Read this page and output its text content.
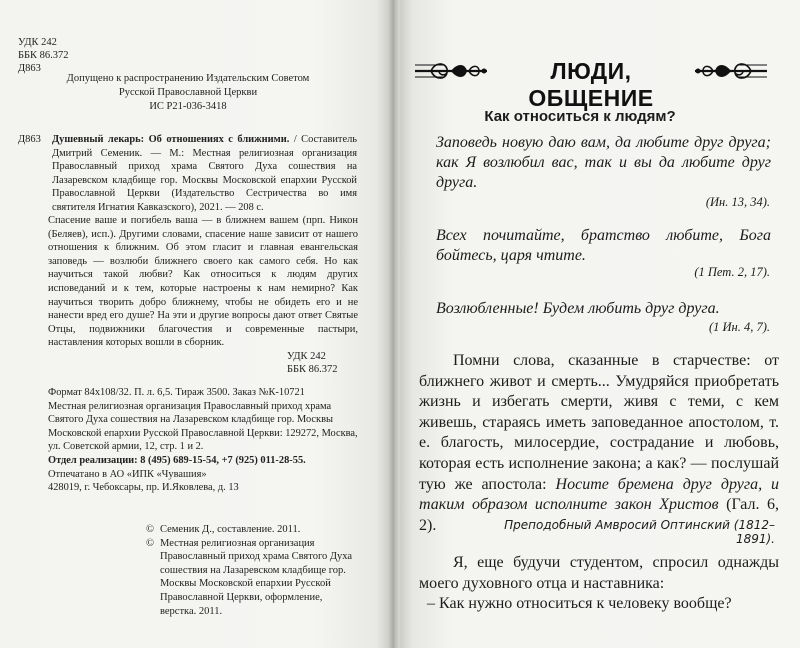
УДК 242
ББК 86.372
Д863
Допущено к распространению Издательским Советом
Русской Православной Церкви
ИС Р21-036-3418
Д863 Душевный лекарь: Об отношениях с ближними. / Составитель Дмитрий Семеник. — М.: Местная религиозная организация Православный приход храма Святого Духа сошествия на Лазаревском кладбище гор. Москвы Московской епархии Русской Православной Церкви (Издательство Сестричества во имя святителя Игнатия Кавказского), 2021. — 208 с.
Спасение ваше и погибель ваша — в ближнем вашем (прп. Никон (Беляев), исп.). Другими словами, спасение наше зависит от нашего отношения к ближним. Об этом гласит и главная евангельская заповедь — возлюби ближнего своего как самого себя. Но как научиться такой любви? Как относиться к людям других исповеданий и к тем, которые настроены к нам немирно? Как научиться творить добро ближнему, чтобы не обидеть его и не нанести вред его душе? На эти и другие вопросы дают ответ Святые Отцы, подвижники благочестия и современные пастыри, наставления которых вошли в сборник.
УДК 242
ББК 86.372
Формат 84x108/32. П. л. 6,5. Тираж 3500. Заказ №К-10721
Местная религиозная организация Православный приход храма Святого Духа сошествия на Лазаревском кладбище гор. Москвы Московской епархии Русской Православной Церкви: 129272, Москва, ул. Советской армии, 12, стр. 1 и 2.
Отдел реализации: 8 (495) 689-15-54, +7 (925) 011-28-55.
Отпечатано в АО «ИПК «Чувашия»
428019, г. Чебоксары, пр. И.Яковлева, д. 13
© Семеник Д., составление. 2011.
© Местная религиозная организация Православный приход храма Святого Духа сошествия на Лазаревском кладбище гор. Москвы Московской епархии Русской Православной Церкви, оформление, верстка. 2011.
ЛЮДИ, ОБЩЕНИЕ
Как относиться к людям?
Заповедь новую даю вам, да любите друг друга; как Я возлюбил вас, так и вы да любите друг друга.
(Ин. 13, 34).
Всех почитайте, братство любите, Бога бойтесь, царя чтите.
(1 Пет. 2, 17).
Возлюбленные! Будем любить друг друга.
(1 Ин. 4, 7).
Помни слова, сказанные в старчестве: от ближнего живот и смерть... Умудряйся приобретать жизнь и избегать смерти, живя с теми, с кем живешь, стараясь иметь заповеданное апостолом, т. е. благость, милосердие, сострадание и любовь, которая есть исполнение закона; а как? — послушай тую же апостола: Носите бремена друг друга, и таким образом исполните закон Христов (Гал. 6, 2).	Преподобный Амвросий Оптинский (1812–1891).
Я, еще будучи студентом, спросил однажды моего духовного отца и наставника:
– Как нужно относиться к человеку вообще?
